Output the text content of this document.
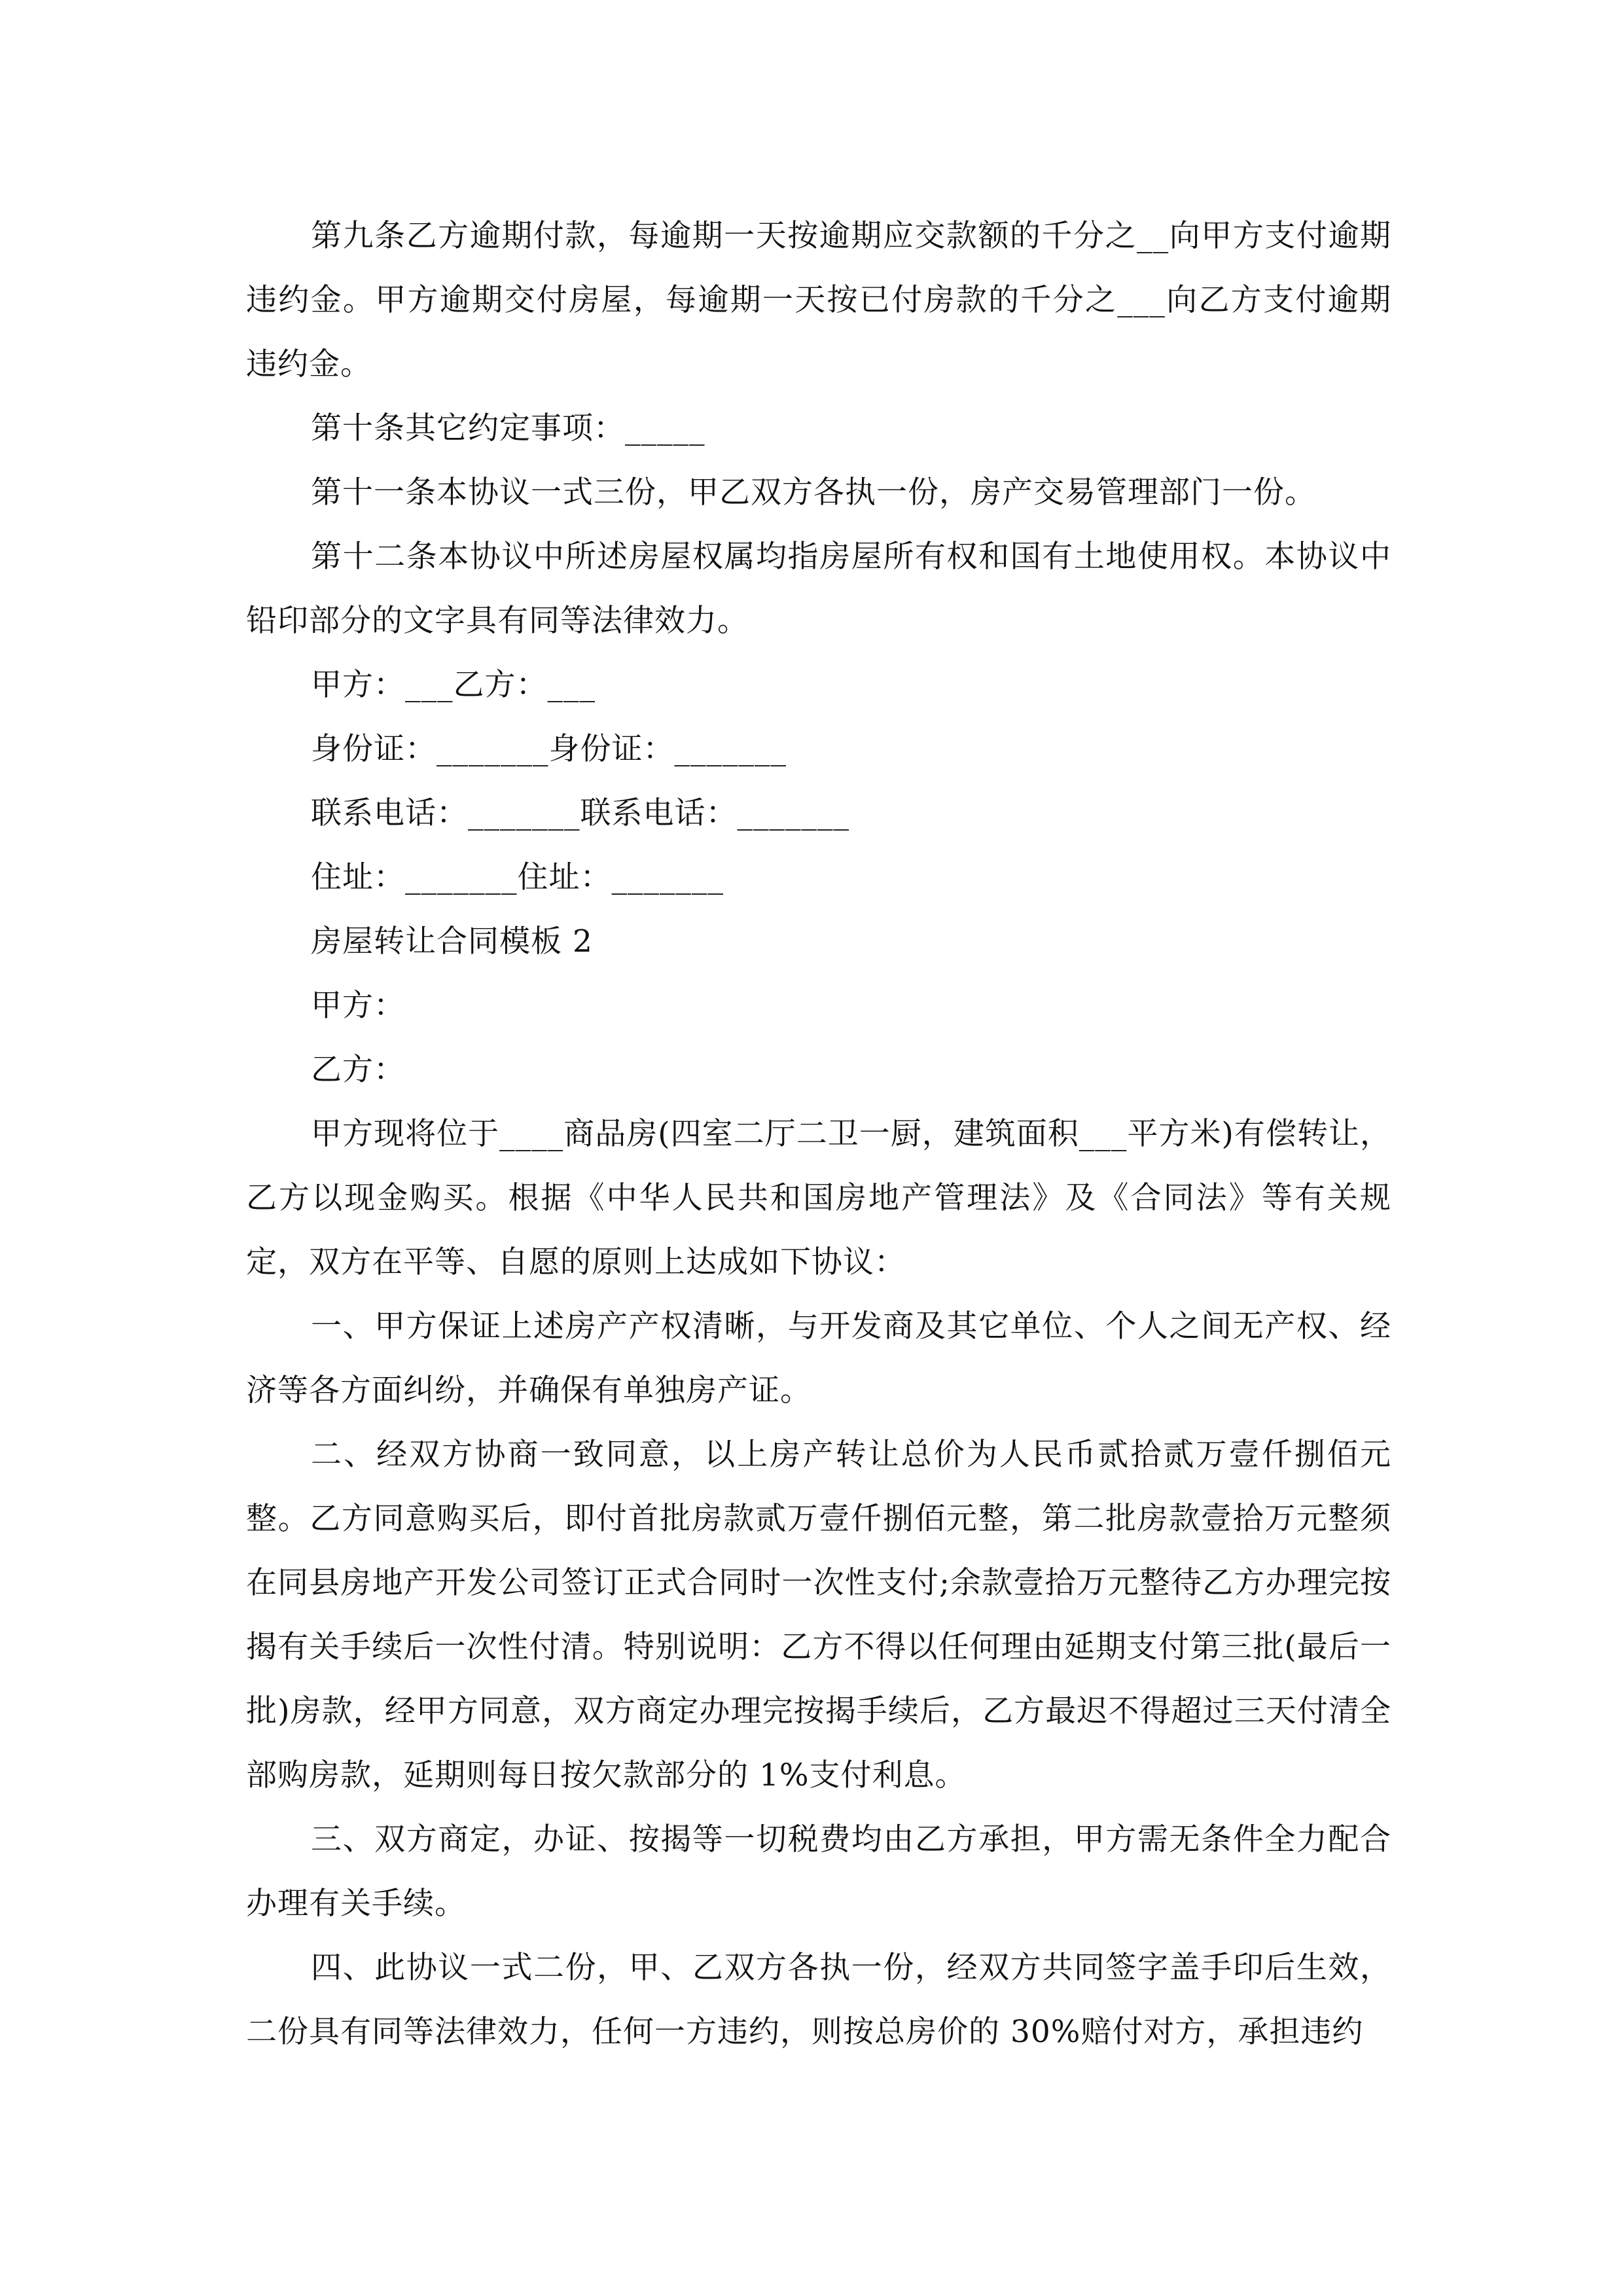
第九条乙方逾期付款，每逾期一天按逾期应交款额的千分之__向甲方支付逾期违约金。甲方逾期交付房屋，每逾期一天按已付房款的千分之___向乙方支付逾期违约金。

第十条其它约定事项：_____

第十一条本协议一式三份，甲乙双方各执一份，房产交易管理部门一份。

第十二条本协议中所述房屋权属均指房屋所有权和国有土地使用权。本协议中铅印部分的文字具有同等法律效力。

甲方：___乙方：___

身份证：_______身份证：_______

联系电话：_______联系电话：_______

住址：_______住址：_______

房屋转让合同模板 2

甲方：

乙方：

甲方现将位于____商品房(四室二厅二卫一厨，建筑面积___平方米)有偿转让，乙方以现金购买。根据《中华人民共和国房地产管理法》及《合同法》等有关规定，双方在平等、自愿的原则上达成如下协议：

一、甲方保证上述房产产权清晰，与开发商及其它单位、个人之间无产权、经济等各方面纠纷，并确保有单独房产证。

二、经双方协商一致同意，以上房产转让总价为人民币贰拾贰万壹仟捌佰元整。乙方同意购买后，即付首批房款贰万壹仟捌佰元整，第二批房款壹拾万元整须在同县房地产开发公司签订正式合同时一次性支付;余款壹拾万元整待乙方办理完按揭有关手续后一次性付清。特别说明：乙方不得以任何理由延期支付第三批(最后一批)房款，经甲方同意，双方商定办理完按揭手续后，乙方最迟不得超过三天付清全部购房款，延期则每日按欠款部分的 1%支付利息。

三、双方商定，办证、按揭等一切税费均由乙方承担，甲方需无条件全力配合办理有关手续。

四、此协议一式二份，甲、乙双方各执一份，经双方共同签字盖手印后生效，二份具有同等法律效力，任何一方违约，则按总房价的 30%赔付对方，承担违约
